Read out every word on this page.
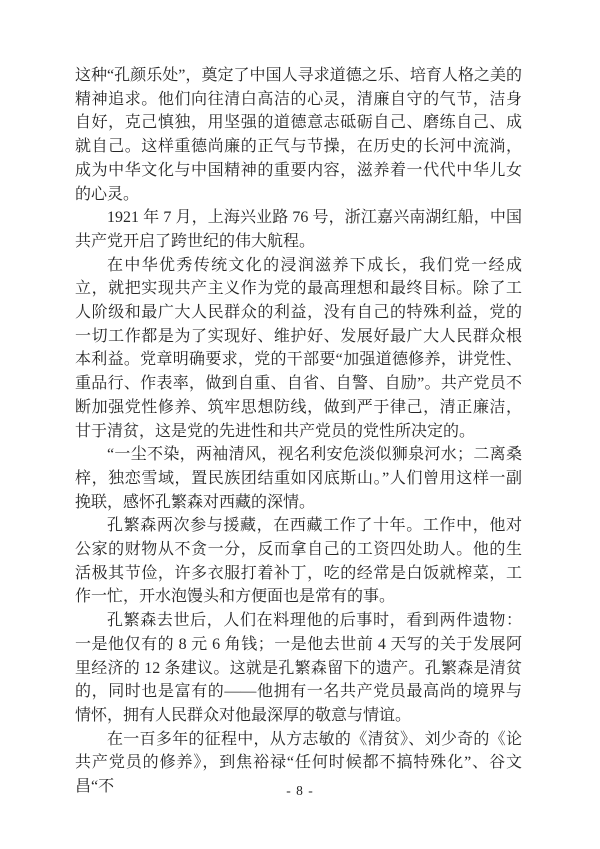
这种“孔颜乐处”，奠定了中国人寻求道德之乐、培育人格之美的精神追求。他们向往清白高洁的心灵，清廉自守的气节，洁身自好，克己慎独，用坚强的道德意志砥砺自己、磨练自己、成就自己。这样重德尚廉的正气与节操，在历史的长河中流淌，成为中华文化与中国精神的重要内容，滋养着一代代中华儿女的心灵。

1921 年 7 月，上海兴业路 76 号，浙江嘉兴南湖红船，中国共产党开启了跨世纪的伟大航程。

在中华优秀传统文化的浸润滋养下成长，我们党一经成立，就把实现共产主义作为党的最高理想和最终目标。除了工人阶级和最广大人民群众的利益，没有自己的特殊利益，党的一切工作都是为了实现好、维护好、发展好最广大人民群众根本利益。党章明确要求，党的干部要“加强道德修养，讲党性、重品行、作表率，做到自重、自省、自警、自励”。共产党员不断加强党性修养、筑牢思想防线，做到严于律己，清正廉洁，甘于清贫，这是党的先进性和共产党员的党性所决定的。

“一尘不染，两袖清风，视名利安危淡似狮泉河水；二离桑梓，独恋雪域，置民族团结重如冈底斯山。”人们曾用这样一副挽联，感怀孔繁森对西藏的深情。

孔繁森两次参与援藏，在西藏工作了十年。工作中，他对公家的财物从不贪一分，反而拿自己的工资四处助人。他的生活极其节俭，许多衣服打着补丁，吃的经常是白饭就榨菜，工作一忙，开水泡馒头和方便面也是常有的事。

孔繁森去世后，人们在料理他的后事时，看到两件遗物：一是他仅有的 8 元 6 角钱；一是他去世前 4 天写的关于发展阿里经济的 12 条建议。这就是孔繁森留下的遗产。孔繁森是清贫的，同时也是富有的——他拥有一名共产党员最高尚的境界与情怀，拥有人民群众对他最深厚的敬意与情谊。

在一百多年的征程中，从方志敏的《清贫》、刘少奇的《论共产党员的修养》，到焦裕禄“任何时候都不搞特殊化”、谷文昌“不	- 8 -
